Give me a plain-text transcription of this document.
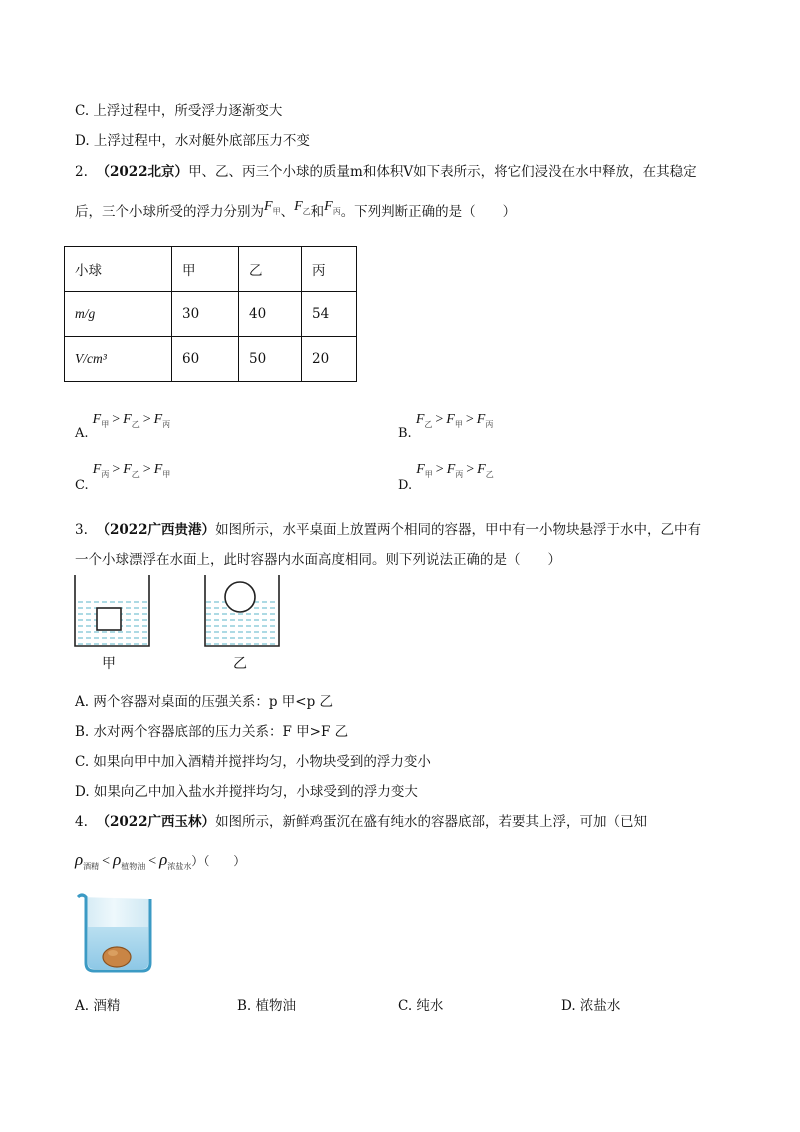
C. 上浮过程中，所受浮力逐渐变大
D. 上浮过程中，水对艇外底部压力不变
2. （2022北京）甲、乙、丙三个小球的质量m和体积V如下表所示，将它们浸没在水中释放，在其稳定
后，三个小球所受的浮力分别为$F_甲$、$F_乙$和$F_丙$。下列判断正确的是（　　）
小球	甲	乙	丙
m/g	30	40	54
V/cm³	60	50	20
A. $F_甲 > F_乙 > F_丙$
B. $F_乙 > F_甲 > F_丙$
C. $F_丙 > F_乙 > F_甲$
D. $F_甲 > F_丙 > F_乙$
3. （2022广西贵港）如图所示，水平桌面上放置两个相同的容器，甲中有一小物块悬浮于水中，乙中有
一个小球漂浮在水面上，此时容器内水面高度相同。则下列说法正确的是（　　）
甲	乙
A. 两个容器对桌面的压强关系：p 甲<p 乙
B. 水对两个容器底部的压力关系：F 甲>F 乙
C. 如果向甲中加入酒精并搅拌均匀，小物块受到的浮力变小
D. 如果向乙中加入盐水并搅拌均匀，小球受到的浮力变大
4. （2022广西玉林）如图所示，新鲜鸡蛋沉在盛有纯水的容器底部，若要其上浮，可加（已知
$\rho_{酒精} < \rho_{植物油} < \rho_{浓盐水}$）（　　）
A. 酒精	B. 植物油	C. 纯水	D. 浓盐水
